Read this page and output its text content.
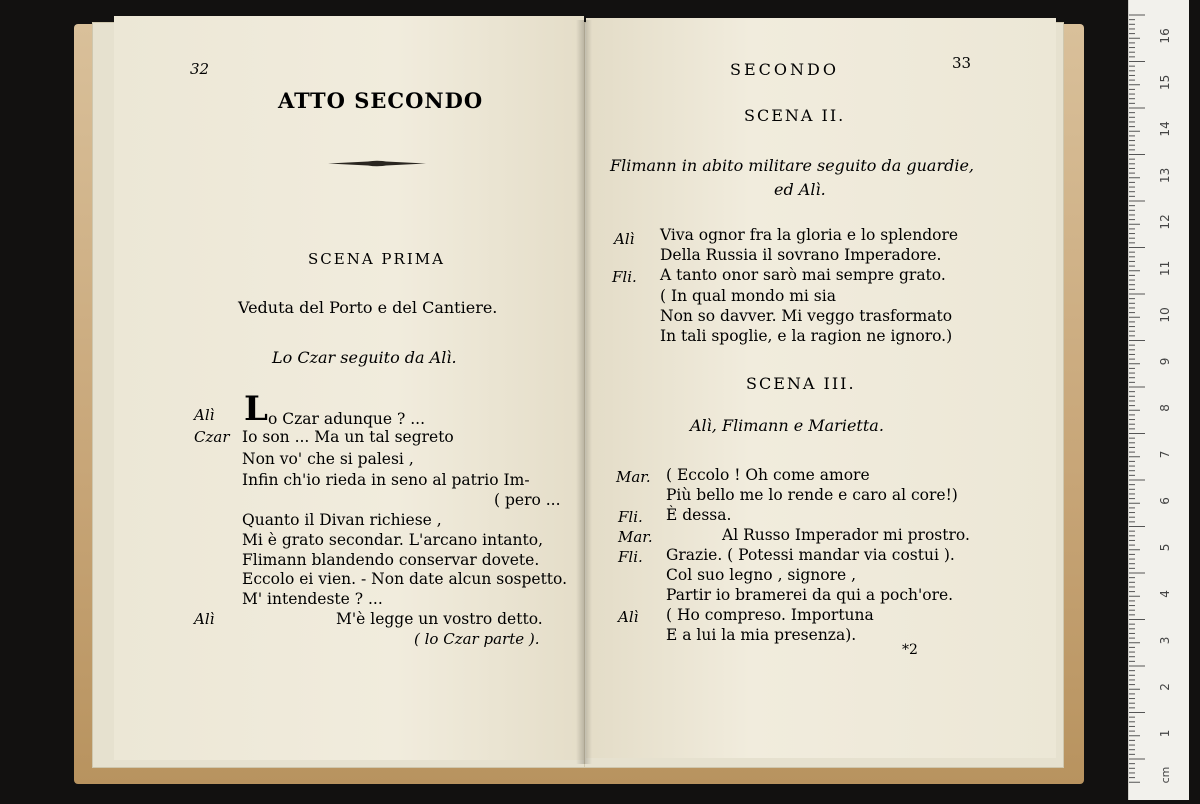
32
ATTO SECONDO
SCENA PRIMA
Veduta del Porto e del Cantiere.
Lo Czar seguito da Alì.
Alì L o Czar adunque ? ...
Czar Io son ... Ma un tal segreto
Non vo' che si palesi ,
Infin ch'io rieda in seno al patrio Im-
( pero ...
Quanto il Divan richiese ,
Mi è grato secondar. L'arcano intanto,
Flimann blandendo conservar dovete.
Eccolo ei vien. - Non date alcun sospetto.
M' intendeste ? ...
Alì	M'è legge un vostro detto.
( lo Czar parte ).
SECONDO	33
SCENA II.
Flimann in abito militare seguito da guardie,
ed Alì.
Alì Viva ognor fra la gloria e lo splendore
Della Russia il sovrano Imperadore.
Fli. A tanto onor sarò mai sempre grato.
( In qual mondo mi sia
Non so davver. Mi veggo trasformato
In tali spoglie, e la ragion ne ignoro.)
SCENA III.
Alì, Flimann e Marietta.
Mar. ( Eccolo ! Oh come amore
Più bello me lo rende e caro al core!)
Fli. È dessa.
Mar.	Al Russo Imperador mi prostro.
Fli. Grazie. ( Potessi mandar via costui ).
Col suo legno , signore ,
Partir io bramerei da qui a poch'ore.
Alì ( Ho compreso. Importuna
E a lui la mia presenza).
*2
16
15
14
13
12
11
10
9
8
7
6
5
4
3
2
1
cm
